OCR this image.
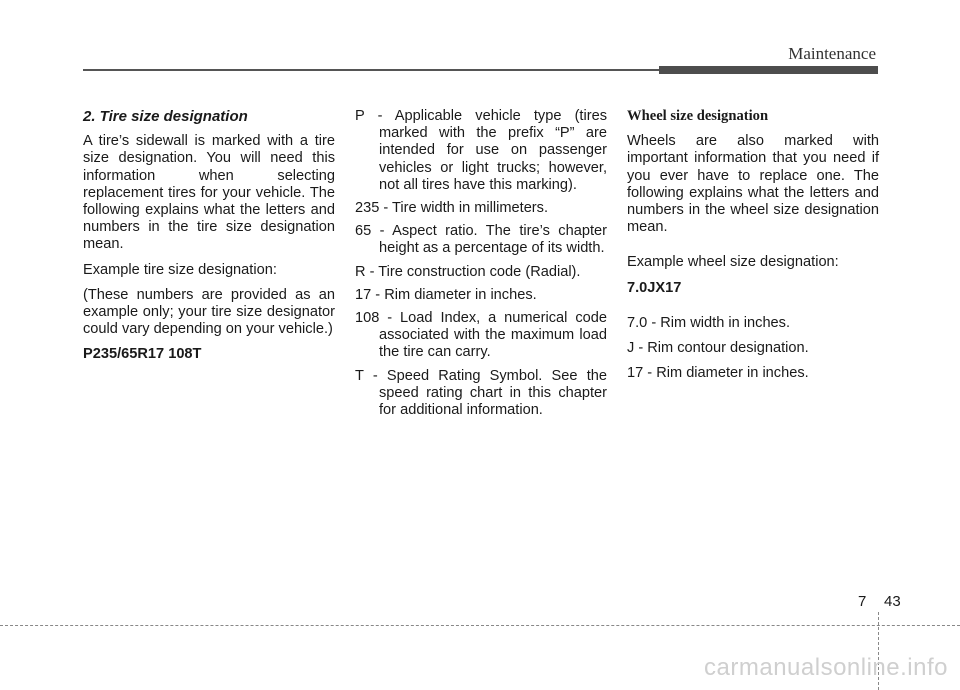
Maintenance
2. Tire size designation

A tire’s sidewall is marked with a tire size designation. You will need this information when selecting replacement tires for your vehicle. The following explains what the letters and numbers in the tire size designation mean.

Example tire size designation:

(These numbers are provided as an example only; your tire size designator could vary depending on your vehicle.)

P235/65R17 108T

P - Applicable vehicle type (tires marked with the prefix “P” are intended for use on passenger vehicles or light trucks; however, not all tires have this marking).
235 - Tire width in millimeters.
65 - Aspect ratio. The tire’s chapter height as a percentage of its width.
R - Tire construction code (Radial).
17 - Rim diameter in inches.
108 - Load Index, a numerical code associated with the maximum load the tire can carry.
T - Speed Rating Symbol. See the speed rating chart in this chapter for additional information.
Wheel size designation

Wheels are also marked with important information that you need if you ever have to replace one. The following explains what the letters and numbers in the wheel size designation mean.

Example wheel size designation:

7.0JX17

7.0 - Rim width in inches.

J - Rim contour designation.

17 - Rim diameter in inches.

7 43
carmanualsonline.info
